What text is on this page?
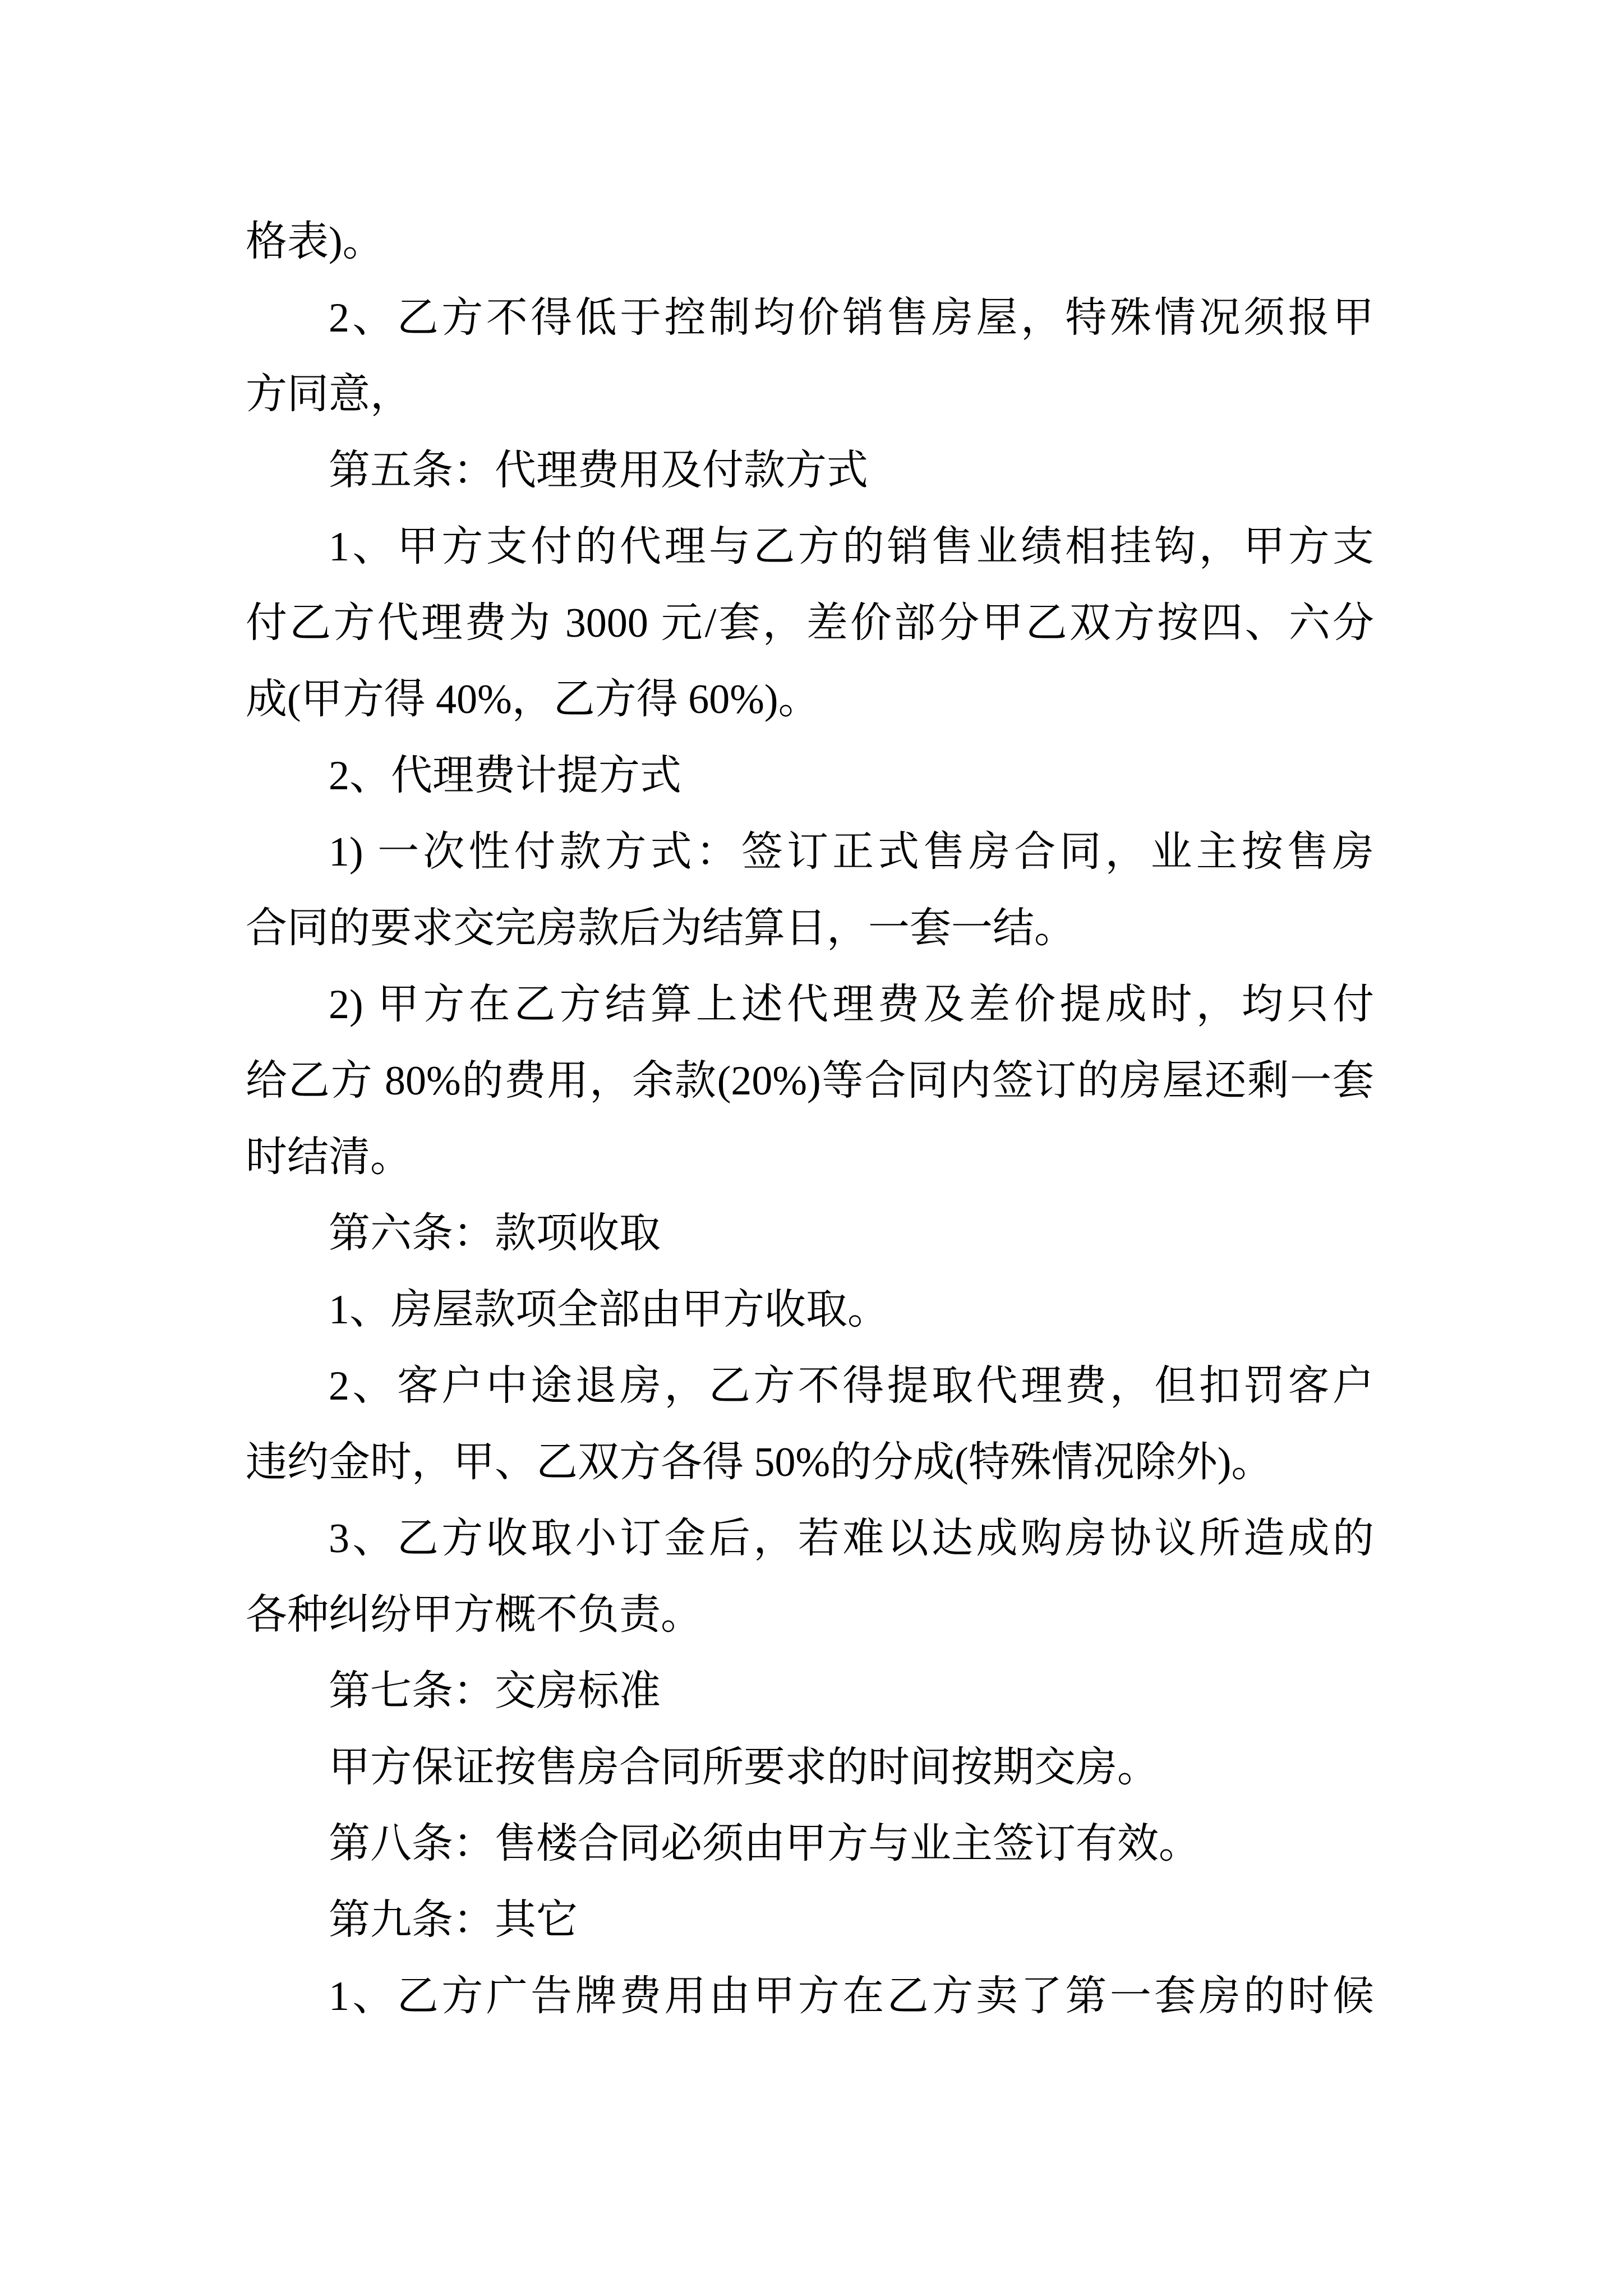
格表)。
2、乙方不得低于控制均价销售房屋，特殊情况须报甲
方同意，
第五条：代理费用及付款方式
1、甲方支付的代理与乙方的销售业绩相挂钩，甲方支
付乙方代理费为 3000 元/套，差价部分甲乙双方按四、六分
成(甲方得 40%，乙方得 60%)。
2、代理费计提方式
1) 一次性付款方式：签订正式售房合同，业主按售房
合同的要求交完房款后为结算日，一套一结。
2) 甲方在乙方结算上述代理费及差价提成时，均只付
给乙方 80%的费用，余款(20%)等合同内签订的房屋还剩一套
时结清。
第六条：款项收取
1、房屋款项全部由甲方收取。
2、客户中途退房，乙方不得提取代理费，但扣罚客户
违约金时，甲、乙双方各得 50%的分成(特殊情况除外)。
3、乙方收取小订金后，若难以达成购房协议所造成的
各种纠纷甲方概不负责。
第七条：交房标准
甲方保证按售房合同所要求的时间按期交房。
第八条：售楼合同必须由甲方与业主签订有效。
第九条：其它
1、乙方广告牌费用由甲方在乙方卖了第一套房的时候
